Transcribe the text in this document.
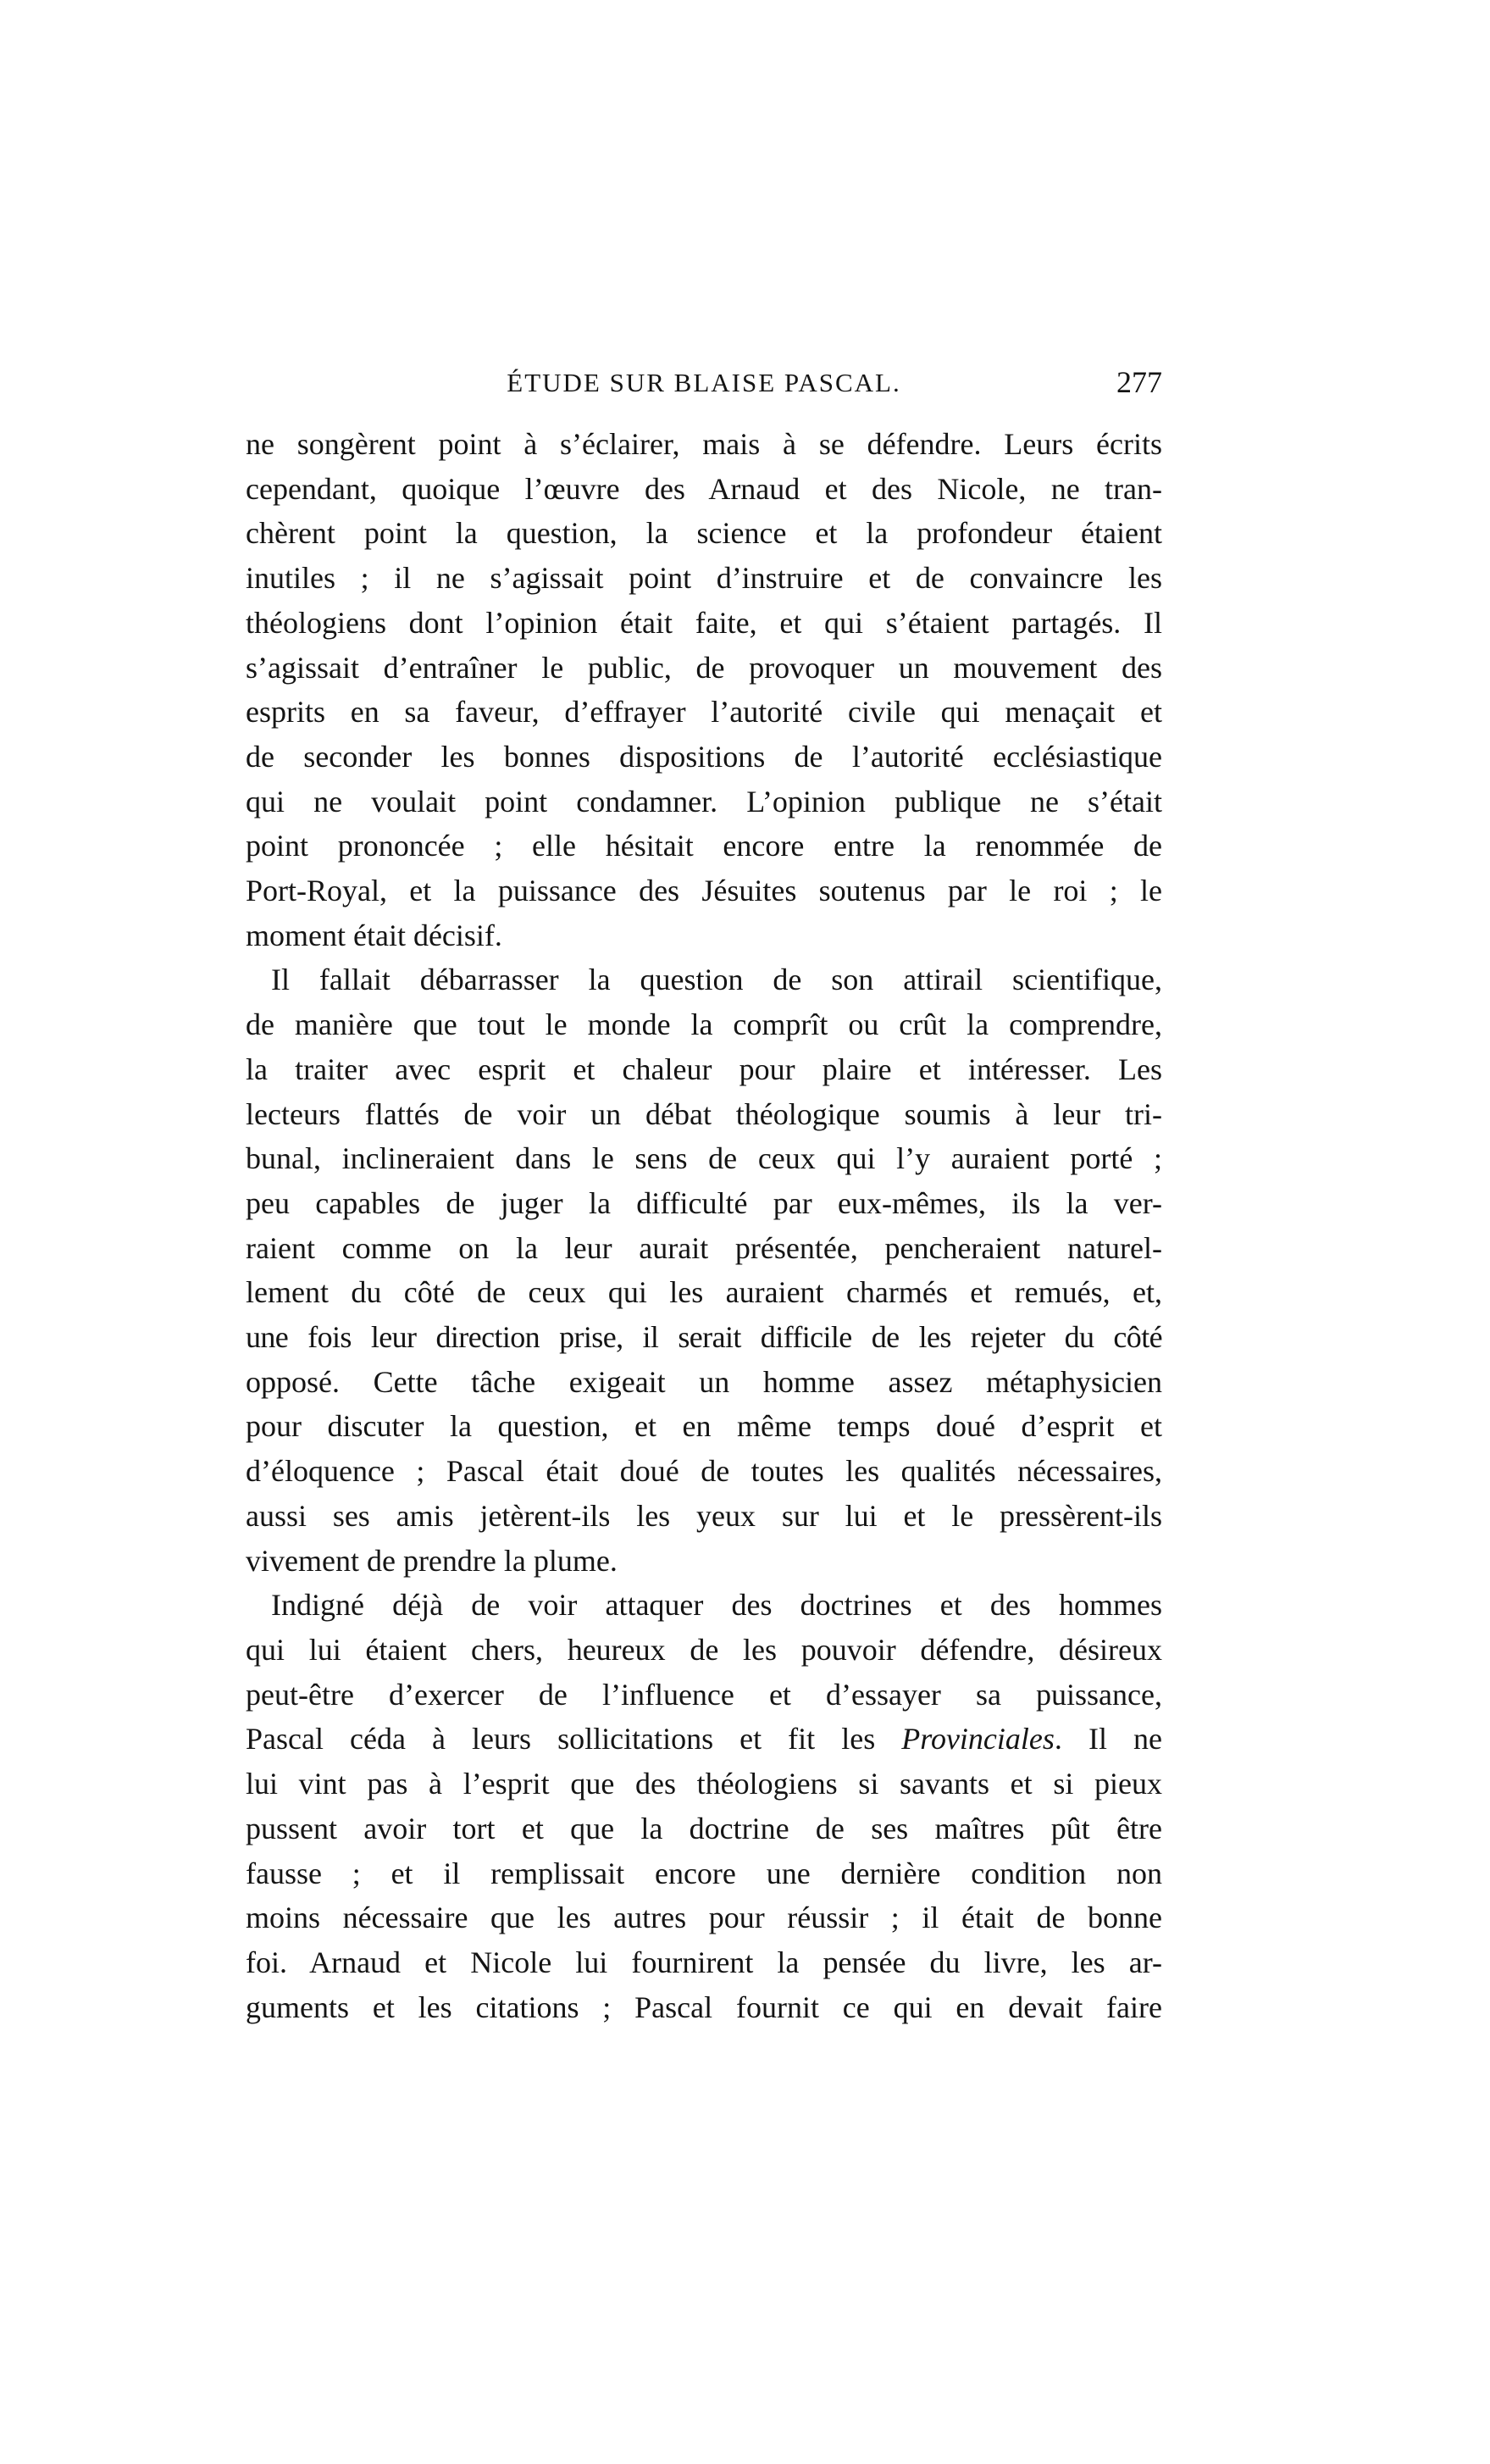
ÉTUDE SUR BLAISE PASCAL.	277
ne songèrent point à s’éclairer, mais à se défendre. Leurs écrits
cependant, quoique l’œuvre des Arnaud et des Nicole, ne tran-
chèrent point la question, la science et la profondeur étaient
inutiles ; il ne s’agissait point d’instruire et de convaincre les
théologiens dont l’opinion était faite, et qui s’étaient partagés. Il
s’agissait d’entraîner le public, de provoquer un mouvement des
esprits en sa faveur, d’effrayer l’autorité civile qui menaçait et
de seconder les bonnes dispositions de l’autorité ecclésiastique
qui ne voulait point condamner. L’opinion publique ne s’était
point prononcée ; elle hésitait encore entre la renommée de
Port-Royal, et la puissance des Jésuites soutenus par le roi ; le
moment était décisif.
Il fallait débarrasser la question de son attirail scientifique,
de manière que tout le monde la comprît ou crût la comprendre,
la traiter avec esprit et chaleur pour plaire et intéresser. Les
lecteurs flattés de voir un débat théologique soumis à leur tri-
bunal, inclineraient dans le sens de ceux qui l’y auraient porté ;
peu capables de juger la difficulté par eux-mêmes, ils la ver-
raient comme on la leur aurait présentée, pencheraient naturel-
lement du côté de ceux qui les auraient charmés et remués, et,
une fois leur direction prise, il serait difficile de les rejeter du côté
opposé. Cette tâche exigeait un homme assez métaphysicien
pour discuter la question, et en même temps doué d’esprit et
d’éloquence ; Pascal était doué de toutes les qualités nécessaires,
aussi ses amis jetèrent-ils les yeux sur lui et le pressèrent-ils
vivement de prendre la plume.
Indigné déjà de voir attaquer des doctrines et des hommes
qui lui étaient chers, heureux de les pouvoir défendre, désireux
peut-être d’exercer de l’influence et d’essayer sa puissance,
Pascal céda à leurs sollicitations et fit les Provinciales. Il ne
lui vint pas à l’esprit que des théologiens si savants et si pieux
pussent avoir tort et que la doctrine de ses maîtres pût être
fausse ; et il remplissait encore une dernière condition non
moins nécessaire que les autres pour réussir ; il était de bonne
foi. Arnaud et Nicole lui fournirent la pensée du livre, les ar-
guments et les citations ; Pascal fournit ce qui en devait faire
